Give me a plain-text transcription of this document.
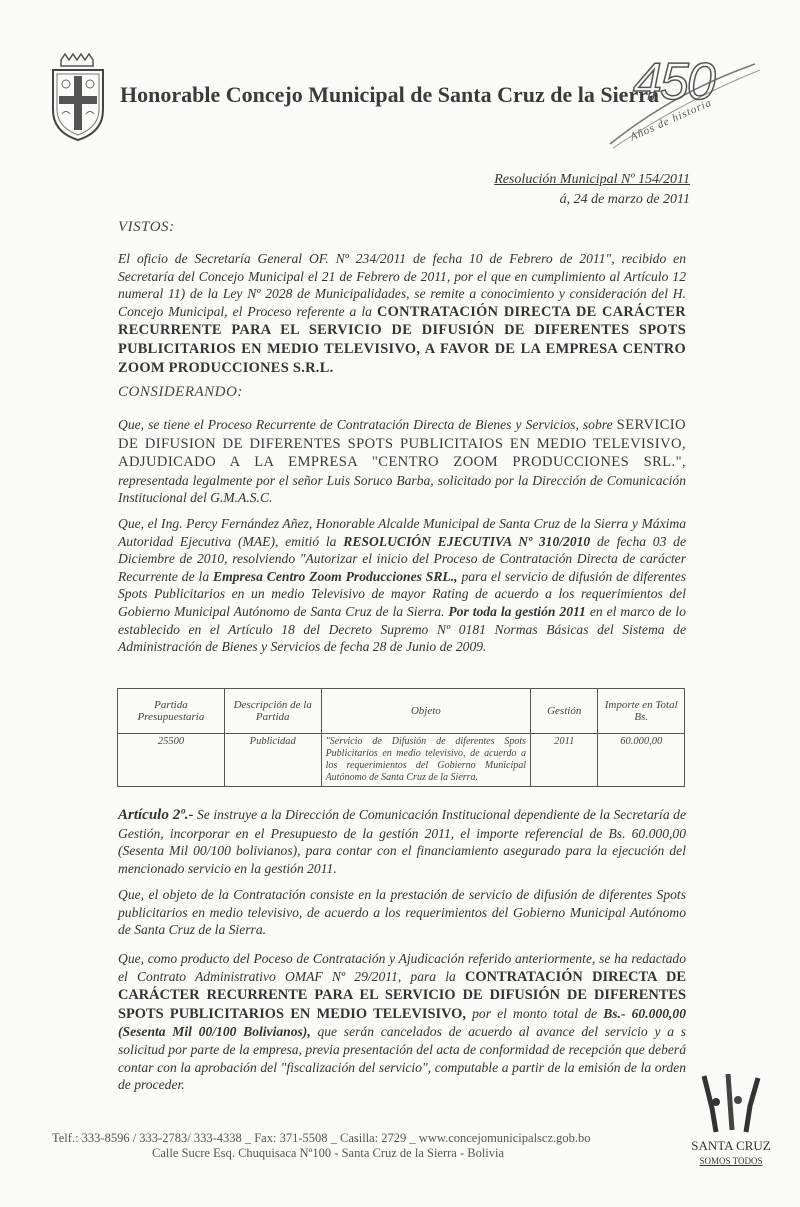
Honorable Concejo Municipal de Santa Cruz de la Sierra
450
Años de historia
Resolución Municipal Nº 154/2011
á, 24 de marzo de 2011
VISTOS:

El oficio de Secretaría General OF. Nº 234/2011 de fecha 10 de Febrero de 2011", recibido en Secretaría del Concejo Municipal el 21 de Febrero de 2011, por el que en cumplimiento al Artículo 12 numeral 11) de la Ley Nº 2028 de Municipalidades, se remite a conocimiento y consideración del H. Concejo Municipal, el Proceso referente a la CONTRATACIÓN DIRECTA DE CARÁCTER RECURRENTE PARA EL SERVICIO DE DIFUSIÓN DE DIFERENTES SPOTS PUBLICITARIOS EN MEDIO TELEVISIVO, A FAVOR DE LA EMPRESA CENTRO ZOOM PRODUCCIONES S.R.L.

CONSIDERANDO:

Que, se tiene el Proceso Recurrente de Contratación Directa de Bienes y Servicios, sobre SERVICIO DE DIFUSION DE DIFERENTES SPOTS PUBLICITAIOS EN MEDIO TELEVISIVO, ADJUDICADO A LA EMPRESA "CENTRO ZOOM PRODUCCIONES SRL.", representada legalmente por el señor Luis Soruco Barba, solicitado por la Dirección de Comunicación Institucional del G.M.A.S.C.

Que, el Ing. Percy Fernández Añez, Honorable Alcalde Municipal de Santa Cruz de la Sierra y Máxima Autoridad Ejecutiva (MAE), emitió la RESOLUCIÓN EJECUTIVA Nº 310/2010 de fecha 03 de Diciembre de 2010, resolviendo "Autorizar el inicio del Proceso de Contratación Directa de carácter Recurrente de la Empresa Centro Zoom Producciones SRL., para el servicio de difusión de diferentes Spots Publicitarios en un medio Televisivo de mayor Rating de acuerdo a los requerimientos del Gobierno Municipal Autónomo de Santa Cruz de la Sierra. Por toda la gestión 2011 en el marco de lo establecido en el Artículo 18 del Decreto Supremo Nº 0181 Normas Básicas del Sistema de Administración de Bienes y Servicios de fecha 28 de Junio de 2009.

Partida Presupuestaria	Descripción de la Partida	Objeto	Gestión	Importe en Total Bs.
25500	Publicidad	"Servicio de Difusión de diferentes Spots Publicitarios en medio televisivo, de acuerdo a los requerimientos del Gobierno Municipal Autónomo de Santa Cruz de la Sierra.	2011	60.000,00

Artículo 2º.- Se instruye a la Dirección de Comunicación Institucional dependiente de la Secretaría de Gestión, incorporar en el Presupuesto de la gestión 2011, el importe referencial de Bs. 60.000,00 (Sesenta Mil 00/100 bolivianos), para contar con el financiamiento asegurado para la ejecución del mencionado servicio en la gestión 2011.

Que, el objeto de la Contratación consiste en la prestación de servicio de difusión de diferentes Spots publicitarios en medio televisivo, de acuerdo a los requerimientos del Gobierno Municipal Autónomo de Santa Cruz de la Sierra.

Que, como producto del Poceso de Contratación y Ajudicación referido anteriormente, se ha redactado el Contrato Administrativo OMAF Nº 29/2011, para la CONTRATACIÓN DIRECTA DE CARÁCTER RECURRENTE PARA EL SERVICIO DE DIFUSIÓN DE DIFERENTES SPOTS PUBLICITARIOS EN MEDIO TELEVISIVO, por el monto total de Bs.- 60.000,00 (Sesenta Mil 00/100 Bolivianos), que serán cancelados de acuerdo al avance del servicio y a s solicitud por parte de la empresa, previa presentación del acta de conformidad de recepción que deberá contar con la aprobación del "fiscalización del servicio", computable a partir de la emisión de la orden de proceder.

Telf.: 333-8596 / 333-2783/ 333-4338 _ Fax: 371-5508 _ Casilla: 2729 _ www.concejomunicipalscz.gob.bo
Calle Sucre Esq. Chuquisaca Nº100 - Santa Cruz de la Sierra - Bolivia	SANTA CRUZ
SOMOS TODOS
